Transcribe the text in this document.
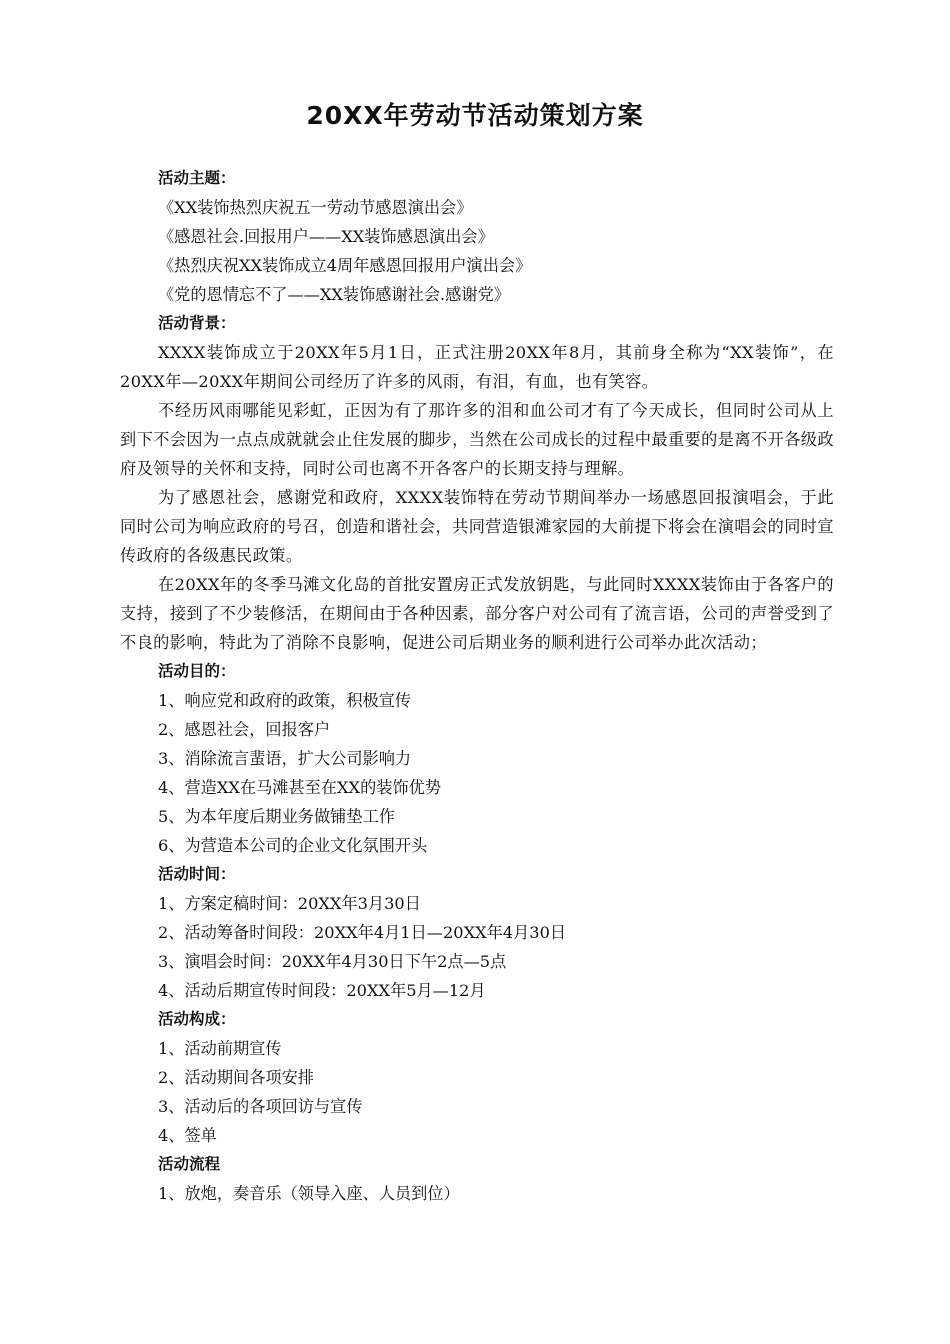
20XX年劳动节活动策划方案

活动主题：

《XX装饰热烈庆祝五一劳动节感恩演出会》

《感恩社会.回报用户——XX装饰感恩演出会》

《热烈庆祝XX装饰成立4周年感恩回报用户演出会》

《党的恩情忘不了——XX装饰感谢社会.感谢党》

活动背景：

XXXX装饰成立于20XX年5月1日，正式注册20XX年8月，其前身全称为“XX装饰”，在20XX年—20XX年期间公司经历了许多的风雨，有泪，有血，也有笑容。

不经历风雨哪能见彩虹，正因为有了那许多的泪和血公司才有了今天成长，但同时公司从上到下不会因为一点点成就就会止住发展的脚步，当然在公司成长的过程中最重要的是离不开各级政府及领导的关怀和支持，同时公司也离不开各客户的长期支持与理解。

为了感恩社会，感谢党和政府，XXXX装饰特在劳动节期间举办一场感恩回报演唱会，于此同时公司为响应政府的号召，创造和谐社会，共同营造银滩家园的大前提下将会在演唱会的同时宣传政府的各级惠民政策。

在20XX年的冬季马滩文化岛的首批安置房正式发放钥匙，与此同时XXXX装饰由于各客户的支持，接到了不少装修活，在期间由于各种因素，部分客户对公司有了流言语，公司的声誉受到了不良的影响，特此为了消除不良影响，促进公司后期业务的顺利进行公司举办此次活动；

活动目的：

1、响应党和政府的政策，积极宣传

2、感恩社会，回报客户

3、消除流言蜚语，扩大公司影响力

4、营造XX在马滩甚至在XX的装饰优势

5、为本年度后期业务做铺垫工作

6、为营造本公司的企业文化氛围开头

活动时间：

1、方案定稿时间：20XX年3月30日

2、活动筹备时间段：20XX年4月1日—20XX年4月30日

3、演唱会时间：20XX年4月30日下午2点—5点

4、活动后期宣传时间段：20XX年5月—12月

活动构成：

1、活动前期宣传

2、活动期间各项安排

3、活动后的各项回访与宣传

4、签单

活动流程

1、放炮，奏音乐（领导入座、人员到位）
